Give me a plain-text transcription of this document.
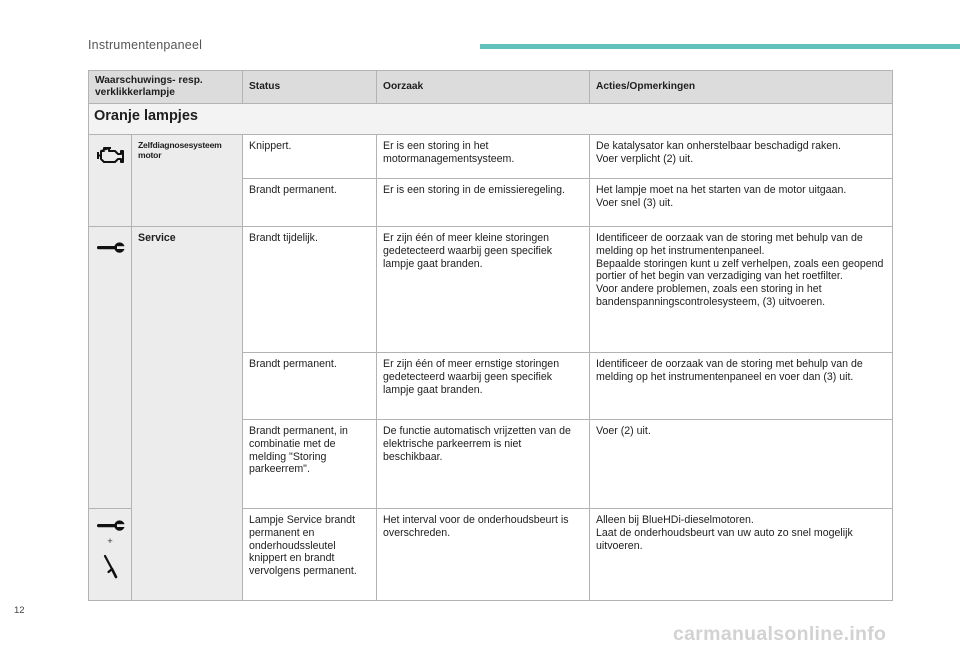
Instrumentenpaneel
Waarschuwings- resp. verklikkerlampje		Status	Oorzaak	Acties/Opmerkingen
Oranje lampjes				

	Zelfdiagnosesysteem motor	Knippert.	Er is een storing in het motormanagementsysteem.	De katalysator kan onherstelbaar beschadigd raken.
Voer verplicht (2) uit.

		Brandt permanent.	Er is een storing in de emissieregeling.	Het lampje moet na het starten van de motor uitgaan.
Voer snel (3) uit.

	Service	Brandt tijdelijk.	Er zijn één of meer kleine storingen gedetecteerd waarbij geen specifiek lampje gaat branden.	Identificeer de oorzaak van de storing met behulp van de melding op het instrumentenpaneel.
Bepaalde storingen kunt u zelf verhelpen, zoals een geopend portier of het begin van verzadiging van het roetfilter.
Voor andere problemen, zoals een storing in het bandenspanningscontrolesysteem, (3) uitvoeren.

		Brandt permanent.	Er zijn één of meer ernstige storingen gedetecteerd waarbij geen specifiek lampje gaat branden.	Identificeer de oorzaak van de storing met behulp van de melding op het instrumentenpaneel en voer dan (3) uit.

		Brandt permanent, in combinatie met de melding "Storing parkeerrem".	De functie automatisch vrijzetten van de elektrische parkeerrem is niet beschikbaar.	Voer (2) uit.

+		Lampje Service brandt permanent en onderhoudssleutel knippert en brandt vervolgens permanent.	Het interval voor de onderhoudsbeurt is overschreden.	Alleen bij BlueHDi-dieselmotoren.
Laat de onderhoudsbeurt van uw auto zo snel mogelijk uitvoeren.
12
carmanualsonline.info
